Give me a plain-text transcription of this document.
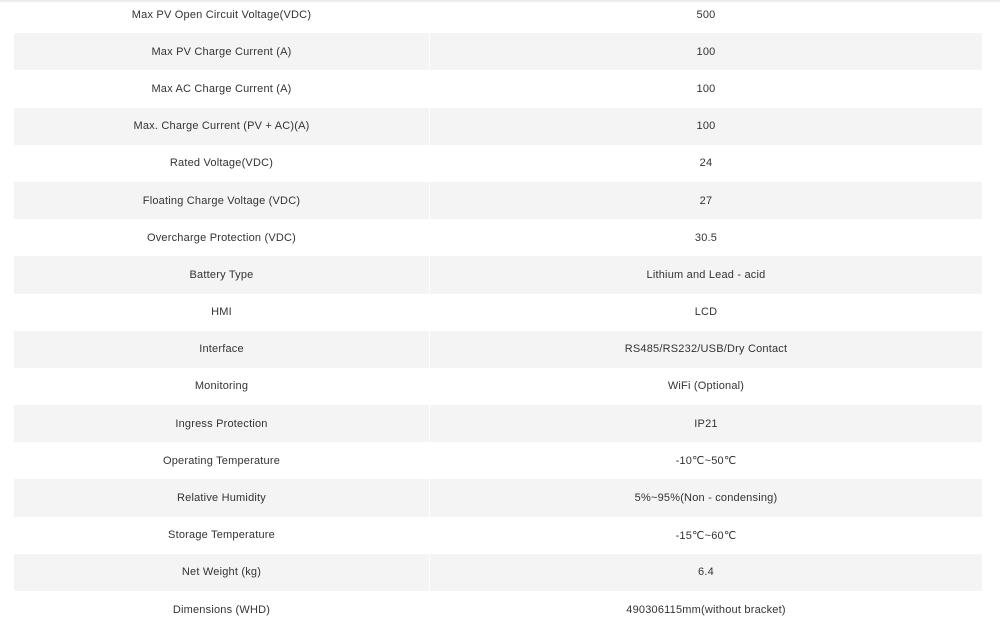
Max PV Open Circuit Voltage(VDC)	500
Max PV Charge Current (A)	100
Max AC Charge Current (A)	100
Max. Charge Current (PV + AC)(A)	100
Rated Voltage(VDC)	24
Floating Charge Voltage (VDC)	27
Overcharge Protection (VDC)	30.5
Battery Type	Lithium and Lead - acid
HMI	LCD
Interface	RS485/RS232/USB/Dry Contact
Monitoring	WiFi (Optional)
Ingress Protection	IP21
Operating Temperature	-10℃~50℃
Relative Humidity	5%~95%(Non - condensing)
Storage Temperature	-15℃~60℃
Net Weight (kg)	6.4
Dimensions (WHD)	490306115mm(without bracket)
